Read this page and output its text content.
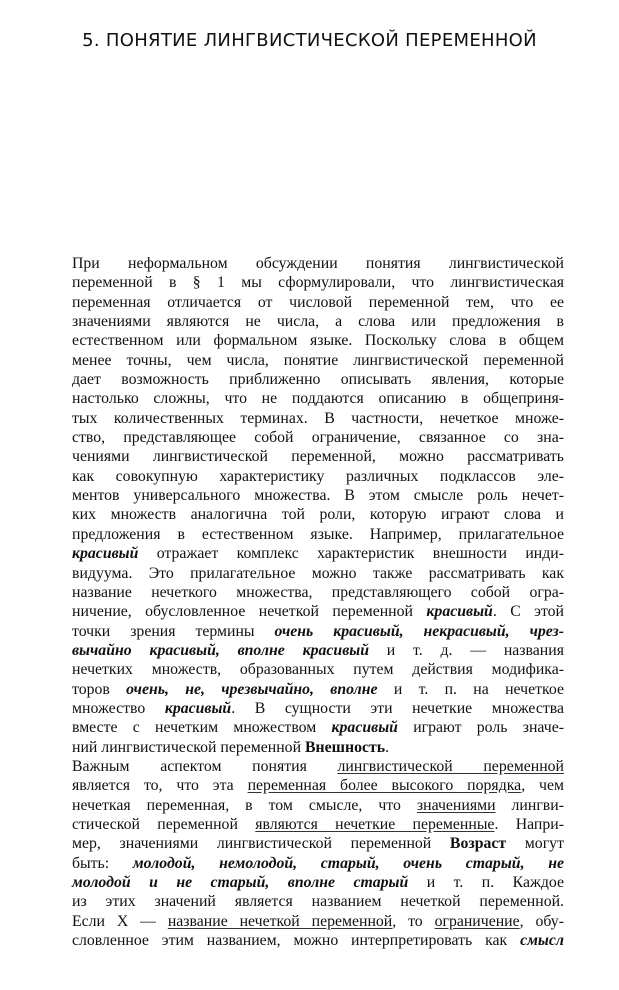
5. ПОНЯТИЕ ЛИНГВИСТИЧЕСКОЙ ПЕРЕМЕННОЙ

При неформальном обсуждении понятия лингвистической
переменной в § 1 мы сформулировали, что лингвистическая
переменная отличается от числовой переменной тем, что ее
значениями являются не числа, а слова или предложения в
естественном или формальном языке. Поскольку слова в общем
менее точны, чем числа, понятие лингвистической переменной
дает возможность приближенно описывать явления, которые
настолько сложны, что не поддаются описанию в общеприня-
тых количественных терминах. В частности, нечеткое множе-
ство, представляющее собой ограничение, связанное со зна-
чениями лингвистической переменной, можно рассматривать
как совокупную характеристику различных подклассов эле-
ментов универсального множества. В этом смысле роль нечет-
ких множеств аналогична той роли, которую играют слова и
предложения в естественном языке. Например, прилагательное
красивый отражает комплекс характеристик внешности инди-
видуума. Это прилагательное можно также рассматривать как
название нечеткого множества, представляющего собой огра-
ничение, обусловленное нечеткой переменной красивый. С этой
точки зрения термины очень красивый, некрасивый, чрез-
вычайно красивый, вполне красивый и т. д. — названия
нечетких множеств, образованных путем действия модифика-
торов очень, не, чрезвычайно, вполне и т. п. на нечеткое
множество красивый. В сущности эти нечеткие множества
вместе с нечетким множеством красивый играют роль значе-
ний лингвистической переменной Внешность.

Важным аспектом понятия лингвистической переменной
является то, что эта переменная более высокого порядка, чем
нечеткая переменная, в том смысле, что значениями лингви-
стической переменной являются нечеткие переменные. Напри-
мер, значениями лингвистической переменной Возраст могут
быть: молодой, немолодой, старый, очень старый, не
молодой и не старый, вполне старый и т. п. Каждое
из этих значений является названием нечеткой переменной.
Если X — название нечеткой переменной, то ограничение, обу-
словленное этим названием, можно интерпретировать как смысл
